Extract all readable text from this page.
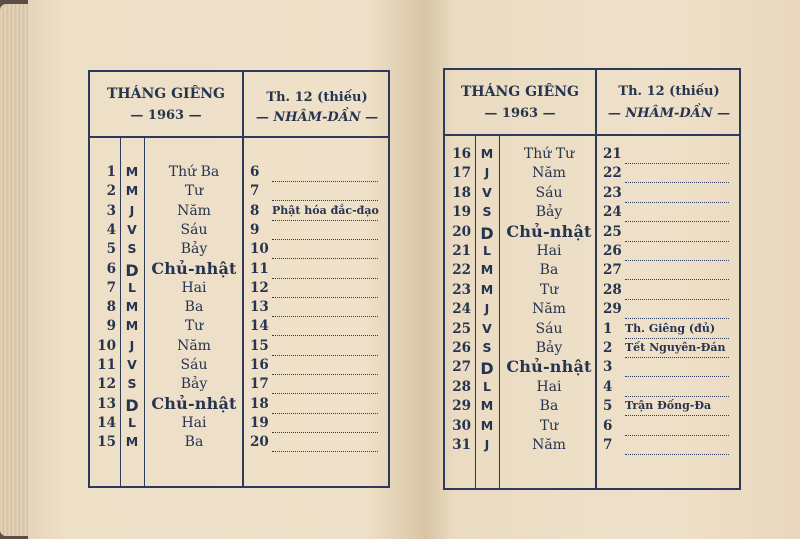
THÁNG GIÊNG
— 1963 —
Th. 12 (thiếu)
— NHÂM-DẦN —
1 M	Thứ Ba	6
2 M	Tư	7
3	J	Năm	8 Phật hóa đắc-đạo
4 V	Sáu	9
5 S	Bảy	10
6 D Chủ-nhật 11
7 L	Hai	12
8 M	Ba	13
9 M	Tư	14
10	J	Năm	15
11 V	Sáu	16
12 S	Bảy	17
13 D Chủ-nhật 18
14 L	Hai	19
15 M	Ba	20
THÁNG GIÊNG
— 1963 —
Th. 12 (thiếu)
— NHÂM-DẦN —
16 M	Thứ Tư	21
17	J	Năm	22
18 V	Sáu	23
19 S	Bảy	24
20 D Chủ-nhật 25
21 L	Hai	26
22 M	Ba	27
23 M	Tư	28
24	J	Năm	29
25 V	Sáu	1 Th. Giêng (đủ)
26 S	Bảy	2 Tết Nguyên-Đán
27 D Chủ-nhật 3
28 L	Hai	4
29 M	Ba	5 Trận Đống-Đa
30 M	Tư	6
31	J	Năm	7
